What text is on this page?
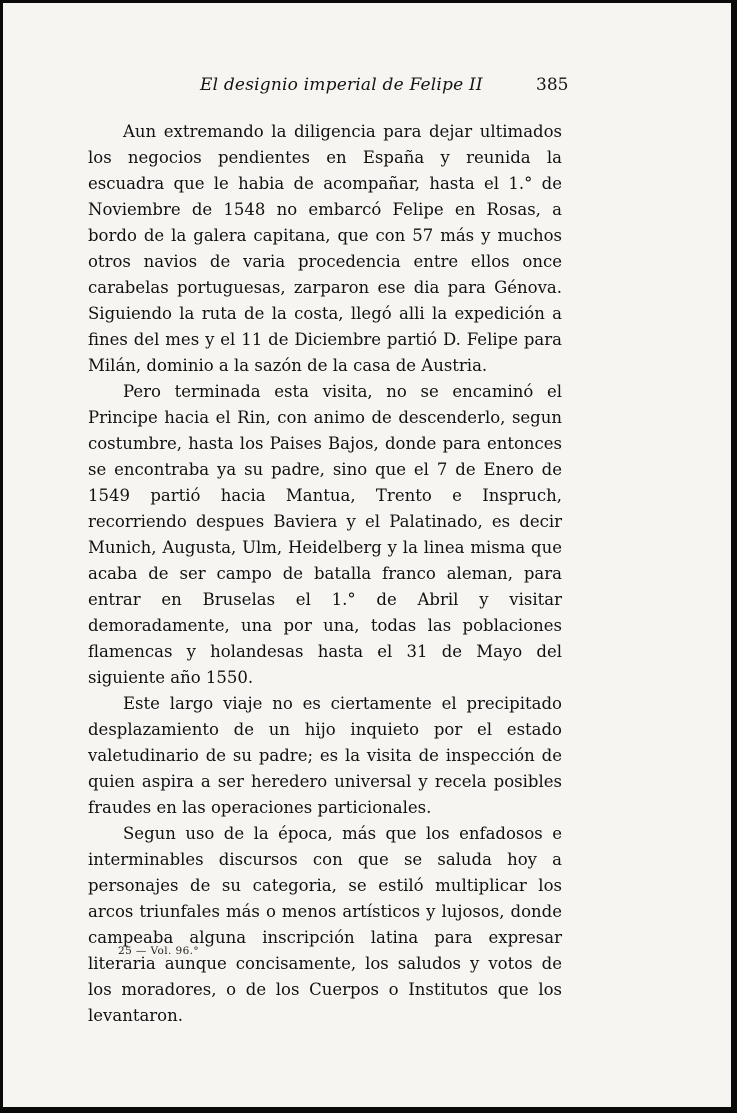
El designio imperial de Felipe II	385

Aun extremando la diligencia para dejar ultimados los negocios pendientes en España y reunida la escuadra que le habia de acompañar, hasta el 1.° de Noviembre de 1548 no embarcó Felipe en Rosas, a bordo de la galera capitana, que con 57 más y muchos otros navios de varia procedencia entre ellos once carabelas portuguesas, zarparon ese dia para Génova. Siguiendo la ruta de la costa, llegó alli la expedición a fines del mes y el 11 de Diciembre partió D. Felipe para Milán, dominio a la sazón de la casa de Austria.

Pero terminada esta visita, no se encaminó el Principe hacia el Rin, con animo de descenderlo, segun costumbre, hasta los Paises Bajos, donde para entonces se encontraba ya su padre, sino que el 7 de Enero de 1549 partió hacia Mantua, Trento e Inspruch, recorriendo despues Baviera y el Palatinado, es decir Munich, Augusta, Ulm, Heidelberg y la linea misma que acaba de ser campo de batalla franco aleman, para entrar en Bruselas el 1.° de Abril y visitar demoradamente, una por una, todas las poblaciones flamencas y holandesas hasta el 31 de Mayo del siguiente año 1550.

Este largo viaje no es ciertamente el precipitado desplazamiento de un hijo inquieto por el estado valetudinario de su padre; es la visita de inspección de quien aspira a ser heredero universal y recela posibles fraudes en las operaciones particionales.

Segun uso de la época, más que los enfadosos e interminables discursos con que se saluda hoy a personajes de su categoria, se estiló multiplicar los arcos triunfales más o menos artísticos y lujosos, donde campeaba alguna inscripción latina para expresar literaria aunque concisamente, los saludos y votos de los moradores, o de los Cuerpos o Institutos que los levantaron.

25 — Vol. 96.°
